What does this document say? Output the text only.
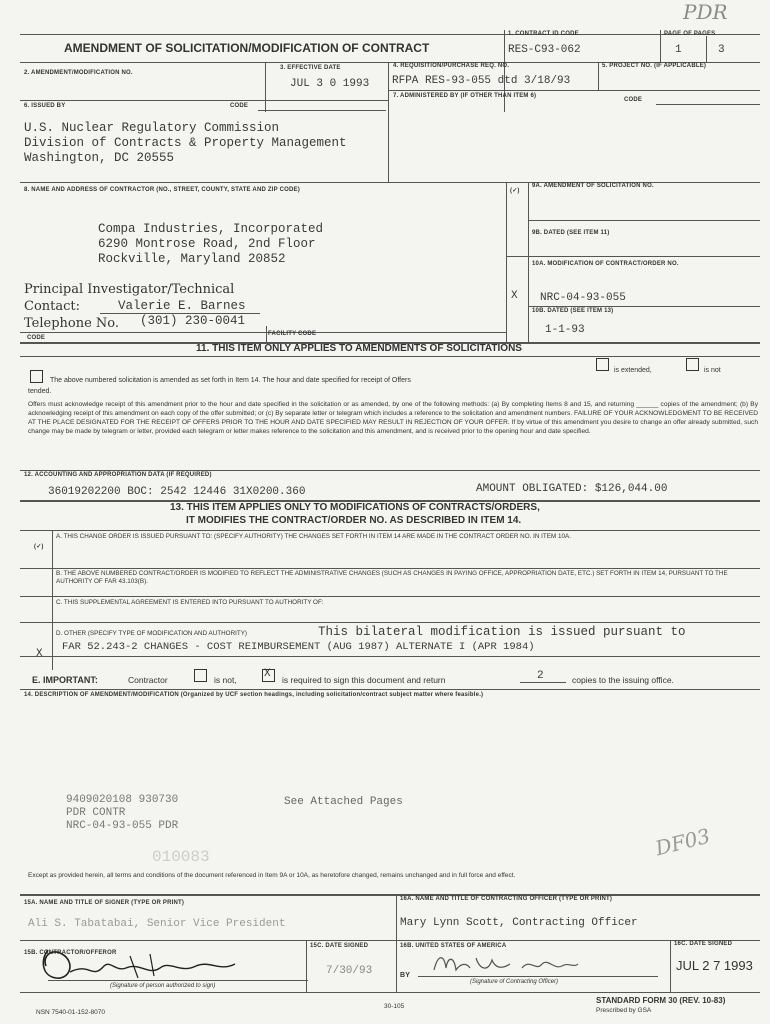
PDR
AMENDMENT OF SOLICITATION/MODIFICATION OF CONTRACT
1. CONTRACT ID CODE
RES-C93-062
PAGE OF PAGES
1	3
2. AMENDMENT/MODIFICATION NO.
3. EFFECTIVE DATE
JUL 3 0 1993
4. REQUISITION/PURCHASE REQ. NO.
RFPA RES-93-055 dtd 3/18/93
5. PROJECT NO. (IF APPLICABLE)
6. ISSUED BY	CODE
7. ADMINISTERED BY (IF OTHER THAN ITEM 6)
CODE
U.S. Nuclear Regulatory Commission
Division of Contracts & Property Management
Washington, DC 20555
8. NAME AND ADDRESS OF CONTRACTOR (NO., STREET, COUNTY, STATE AND ZIP CODE)	(✓)
9A. AMENDMENT OF SOLICITATION NO.
9B. DATED (SEE ITEM 11)
10A. MODIFICATION OF CONTRACT/ORDER NO.
X NRC-04-93-055
10B. DATED (SEE ITEM 13)
1-1-93
Compa Industries, Incorporated
6290 Montrose Road, 2nd Floor
Rockville, Maryland 20852
Principal Investigator/Technical
Contact:	Valerie E. Barnes
Telephone No. (301) 230-0041
CODE
FACILITY CODE
11. THIS ITEM ONLY APPLIES TO AMENDMENTS OF SOLICITATIONS
The above numbered solicitation is amended as set forth in Item 14. The hour and date specified for receipt of Offers
is extended,	is not
tended.
Offers must acknowledge receipt of this amendment prior to the hour and date specified in the solicitation or as amended, by one of the following methods: (a) By completing Items 8 and 15, and returning ______ copies of the amendment; (b) By acknowledging receipt of this amendment on each copy of the offer submitted; or (c) By separate letter or telegram which includes a reference to the solicitation and amendment numbers. FAILURE OF YOUR ACKNOWLEDGMENT TO BE RECEIVED AT THE PLACE DESIGNATED FOR THE RECEIPT OF OFFERS PRIOR TO THE HOUR AND DATE SPECIFIED MAY RESULT IN REJECTION OF YOUR OFFER. If by virtue of this amendment you desire to change an offer already submitted, such change may be made by telegram or letter, provided each telegram or letter makes reference to the solicitation and this amendment, and is received prior to the opening hour and date specified.
12. ACCOUNTING AND APPROPRIATION DATA (IF REQUIRED)
36019202200 BOC: 2542 12446 31X0200.360	AMOUNT OBLIGATED: $126,044.00
13. THIS ITEM APPLIES ONLY TO MODIFICATIONS OF CONTRACTS/ORDERS,
IT MODIFIES THE CONTRACT/ORDER NO. AS DESCRIBED IN ITEM 14.
(✓)
A. THIS CHANGE ORDER IS ISSUED PURSUANT TO: (SPECIFY AUTHORITY) THE CHANGES SET FORTH IN ITEM 14 ARE MADE IN THE CONTRACT ORDER NO. IN ITEM 10A.
B. THE ABOVE NUMBERED CONTRACT/ORDER IS MODIFIED TO REFLECT THE ADMINISTRATIVE CHANGES (SUCH AS CHANGES IN PAYING OFFICE, APPROPRIATION DATE, ETC.) SET FORTH IN ITEM 14, PURSUANT TO THE AUTHORITY OF FAR 43.103(B).
C. THIS SUPPLEMENTAL AGREEMENT IS ENTERED INTO PURSUANT TO AUTHORITY OF:
D. OTHER (SPECIFY TYPE OF MODIFICATION AND AUTHORITY)	This bilateral modification is issued pursuant to
X
FAR 52.243-2 CHANGES - COST REIMBURSEMENT (AUG 1987) ALTERNATE I (APR 1984)
E. IMPORTANT:	Contractor	is not, X is required to sign this document and return	2	copies to the issuing office.
14. DESCRIPTION OF AMENDMENT/MODIFICATION (Organized by UCF section headings, including solicitation/contract subject matter where feasible.)
9409020108 930730
PDR CONTR
NRC-04-93-055 PDR
See Attached Pages
010083	DF03
Except as provided herein, all terms and conditions of the document referenced in Item 9A or 10A, as heretofore changed, remains unchanged and in full force and effect.
15A. NAME AND TITLE OF SIGNER (TYPE OR PRINT)
Ali S. Tabatabai, Senior Vice President
16A. NAME AND TITLE OF CONTRACTING OFFICER (TYPE OR PRINT)
Mary Lynn Scott, Contracting Officer
15B. CONTRACTOR/OFFEROR
15C. DATE SIGNED
7/30/93
16B. UNITED STATES OF AMERICA
BY
16C. DATE SIGNED
JUL 2 7 1993
(Signature of person authorized to sign)
(Signature of Contracting Officer)
NSN 7540-01-152-8070
30-105
STANDARD FORM 30 (REV. 10-83)
Prescribed by GSA
